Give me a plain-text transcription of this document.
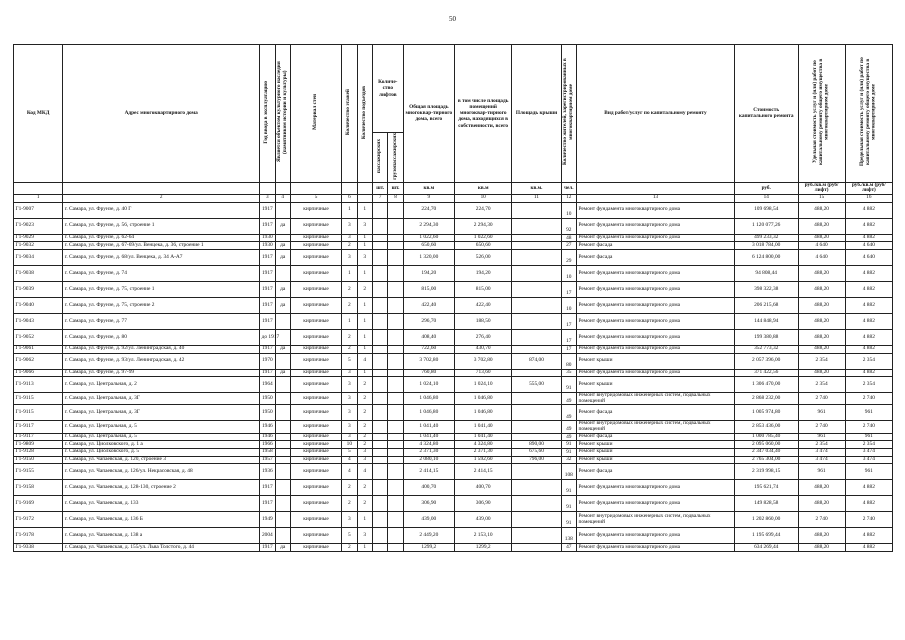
50
Код МКД	Адрес многоквартирного дома	Год ввода в эксплуатацию	Является объектом культурного наследия (памятником истории и культуры)	Материал стен	Количество этажей	Количество подъездов	Количе-ство лифтов		Общая площадь многоквар-тирного дома, всего	в том числе площадь помещений многоквар-тирного дома, находящихся в собственности, всего	Площадь крыши	Количество жителей, зарегистрированных в многоквартирном доме	Вид работ/услуг по капитальному ремонту	Стоимость капитального ремонта	Удельная стоимость услуг и (или) работ по капитальному ремонту общего имущества в многоквартирном доме	Предельная стоимость услуг и (или) работ по капитальному ремонту общего имущества в многоквартирном доме
							пассажирских	грузопассажирских								
							шт.	шт.	кв.м	кв.м	кв.м.	чел.		руб.	руб./кв.м (руб/лифт)	руб./кв.м (руб/лифт)
1	2	3	4	5	6		7	8	9	10	11	12	13	14	15	16
Г1-9007	г. Самара, ул. Фрунзе, д. 40 Г	1917		кирпичные	1	1			224,70	224,70		10	Ремонт фундамента многоквартирного дома	109 698,54	488,20	4 882
Г1-9023	г. Самара, ул. Фрунзе, д. 56, строение 1	1917	да	кирпичные	3	3			2 294,30	2 294,30		92	Ремонт фундамента многоквартирного дома	1 120 077,26	488,20	4 882
Г1-9029	г. Самара, ул. Фрунзе, д. 62-64	1930		кирпичные	3	1			1 022,60	1 022,60		48	Ремонт фундамента многоквартирного дома	499 233,32	488,20	4 882
Г1-9032	г. Самара, ул. Фрунзе, д. 67-69/ул. Венцека, д. 36, строение 1	1930	да	кирпичные	2	1			650,60	650,60		27	Ремонт фасада	3 018 784,00	4 640	4 640
Г1-9034	г. Самара, ул. Фрунзе, д. 68/ул. Венцека, д. 34 А-А7	1917	да	кирпичные	3	3			1 320,00	526,00		29	Ремонт фасада	6 124 800,00	4 640	4 640
Г1-9038	г. Самара, ул. Фрунзе, д. 74	1917		кирпичные	1	1			194,20	194,20		10	Ремонт фундамента многоквартирного дома	94 808,44	488,20	4 882
Г1-9039	г. Самара, ул. Фрунзе, д. 75, строение 1	1917	да	кирпичные	2	2			815,00	815,00		17	Ремонт фундамента многоквартирного дома	398 322,38	488,20	4 882
Г1-9040	г. Самара, ул. Фрунзе, д. 75, строение 2	1917	да	кирпичные	2	1			422,40	422,40		10	Ремонт фундамента многоквартирного дома	206 215,68	488,20	4 882
Г1-9043	г. Самара, ул. Фрунзе, д. 77	1917		кирпичные	1	1			296,70	188,50		17	Ремонт фундамента многоквартирного дома	144 848,94	488,20	4 882
Г1-9052	г. Самара, ул. Фрунзе, д. 80	до 1917		кирпичные	2	1			408,40	276,40		17	Ремонт фундамента многоквартирного дома	199 380,88	488,20	4 882
Г1-9061	г. Самара, ул. Фрунзе, д. 92/ул. Ленинградская, д. 40	1917	да	кирпичные	2	1			722,60	430,70		17	Ремонт фундамента многоквартирного дома	352 773,32	488,20	4 882
Г1-9062	г. Самара, ул. Фрунзе, д. 93/ул. Ленинградская, д. 42	1970		кирпичные	5	4			3 702,80	3 702,80	874,00	80	Ремонт крыши	2 057 396,00	2 354	2 354
Г1-9066	г. Самара, ул. Фрунзе, д. 97-99	1917	да	кирпичные	3	1			760,80	713,60		35	Ремонт фундамента многоквартирного дома	371 422,56	488,20	4 882
Г1-9113	г. Самара, ул. Центральная, д. 2	1964		кирпичные	3	2			1 024,10	1 024,10	555,00	91	Ремонт крыши	1 306 470,00	2 354	2 354
Г1-9115	г. Самара, ул. Центральная, д. 3Г	1950		кирпичные	3	2			1 046,80	1 046,80		49	Ремонт внутридомовых инженерных систем, подвальных помещений	2 868 232,00	2 740	2 740
Г1-9115	г. Самара, ул. Центральная, д. 3Г	1950		кирпичные	3	2			1 046,80	1 046,80		49	Ремонт фасада	1 005 974,80	961	961
Г1-9117	г. Самара, ул. Центральная, д. 5	1946		кирпичные	3	2			1 041,40	1 041,40		49	Ремонт внутридомовых инженерных систем, подвальных помещений	2 853 436,00	2 740	2 740
Г1-9117	г. Самара, ул. Центральная, д. 5	1946		кирпичные	3	2			1 041,40	1 041,40		49	Ремонт фасада	1 000 785,40	961	961
Г1-9809	г. Самара, ул. Циолковского, д. 1 а	1966		кирпичные	10	2			4 324,80	4 324,80	890,00	91	Ремонт крыши	2 095 060,00	2 354	2 354
Г1-9128	г. Самара, ул. Циолковского, д. 5	1958		кирпичные	5	3			2 371,30	2 371,30	675,60	91	Ремонт крыши	2 347 034,40	3 474	3 474
Г1-9150	г. Самара, ул. Чапаевская, д. 120, строение 3	1957		кирпичные	4	3			2 080,10	1 592,60	796,00	32	Ремонт крыши	2 765 304,00	3 474	3 474
Г1-9155	г. Самара, ул. Чапаевская, д. 126/ул. Некрасовская, д. 48	1936		кирпичные	4	4			2 414,15	2 414,15		108	Ремонт фасада	2 319 998,15	961	961
Г1-9158	г. Самара, ул. Чапаевская, д. 128-130, строение 2	1917		кирпичные	2	2			400,70	400,70		91	Ремонт фундамента многоквартирного дома	195 621,74	488,20	4 882
Г1-9169	г. Самара, ул. Чапаевская, д. 133	1917		кирпичные	2	2			306,90	306,90		91	Ремонт фундамента многоквартирного дома	149 828,58	488,20	4 882
Г1-9172	г. Самара, ул. Чапаевская, д. 136 Б	1949		кирпичные	3	1			439,00	439,00		91	Ремонт внутридомовых инженерных систем, подвальных помещений	1 202 860,00	2 740	2 740
Г1-9178	г. Самара, ул. Чапаевская, д. 138 а	2004		кирпичные	5	3			2 449,20	2 153,10		138	Ремонт фундамента многоквартирного дома	1 195 699,44	488,20	4 882
Г1-9338	г. Самара, ул. Чапаевская, д. 155/ул. Льва Толстого, д. 44	1917	да	кирпичные	2	1			1299,2	1299,2		47	Ремонт фундамента многоквартирного дома	634 269,44	488,20	4 882
